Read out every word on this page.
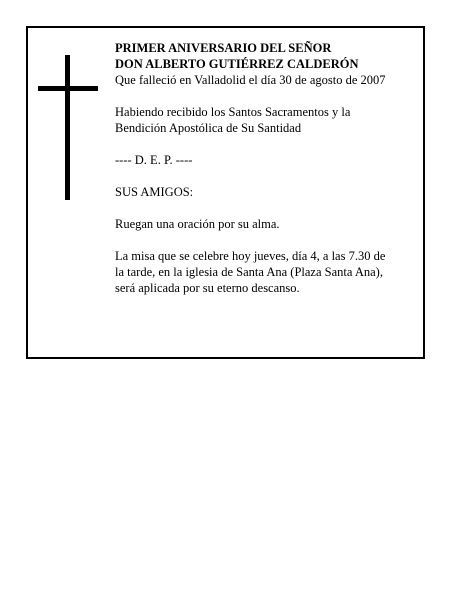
PRIMER ANIVERSARIO DEL SEÑOR

DON ALBERTO GUTIÉRREZ CALDERÓN

Que falleció en Valladolid el día 30 de agosto de 2007

Habiendo recibido los Santos Sacramentos y la

Bendición Apostólica de Su Santidad

---- D. E. P. ----

SUS AMIGOS:

Ruegan una oración por su alma.

La misa que se celebre hoy jueves, día 4, a las 7.30 de

la tarde, en la iglesia de Santa Ana (Plaza Santa Ana),

será aplicada por su eterno descanso.
